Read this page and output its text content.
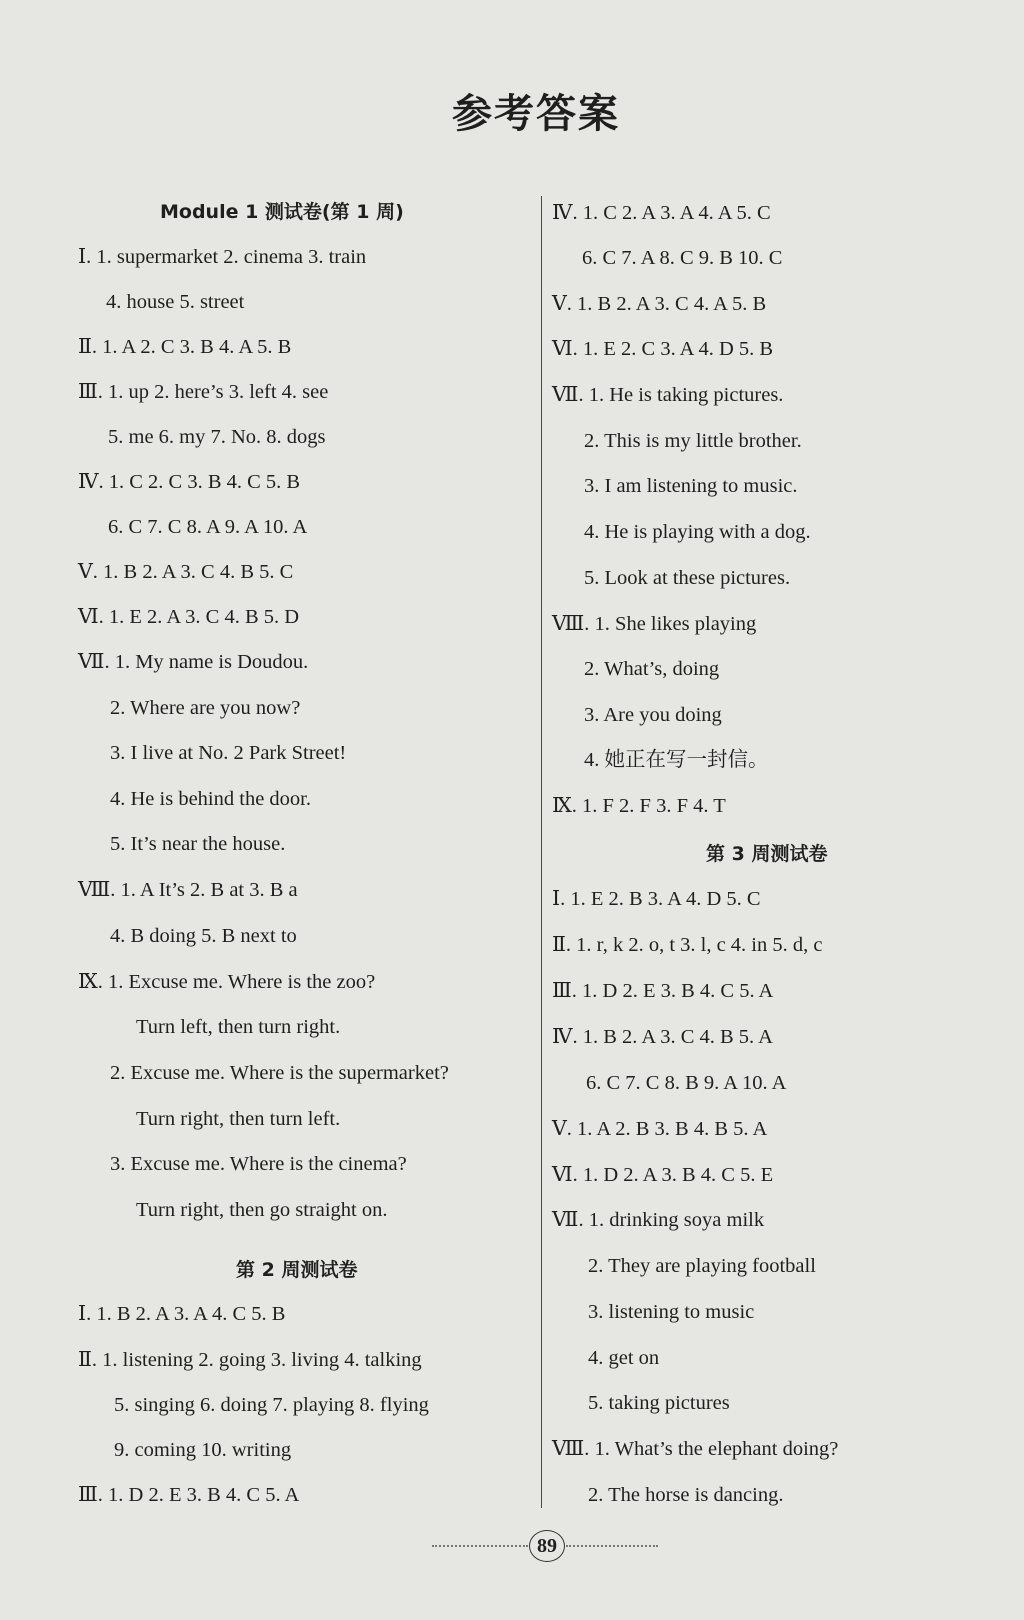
参考答案
Module 1 测试卷(第 1 周)
Ⅰ. 1. supermarket 2. cinema 3. train
4. house 5. street
Ⅱ. 1. A 2. C 3. B 4. A 5. B
Ⅲ. 1. up 2. here’s 3. left 4. see
5. me 6. my 7. No. 8. dogs
Ⅳ. 1. C 2. C 3. B 4. C 5. B
6. C 7. C 8. A 9. A 10. A
Ⅴ. 1. B 2. A 3. C 4. B 5. C
Ⅵ. 1. E 2. A 3. C 4. B 5. D
Ⅶ. 1. My name is Doudou.
2. Where are you now?
3. I live at No. 2 Park Street!
4. He is behind the door.
5. It’s near the house.
Ⅷ. 1. A It’s 2. B at 3. B a
4. B doing 5. B next to
Ⅸ. 1. Excuse me. Where is the zoo?
Turn left, then turn right.
2. Excuse me. Where is the supermarket?
Turn right, then turn left.
3. Excuse me. Where is the cinema?
Turn right, then go straight on.
第 2 周测试卷
Ⅰ. 1. B 2. A 3. A 4. C 5. B
Ⅱ. 1. listening 2. going 3. living 4. talking
5. singing 6. doing 7. playing 8. flying
9. coming 10. writing
Ⅲ. 1. D 2. E 3. B 4. C 5. A
Ⅳ. 1. C 2. A 3. A 4. A 5. C
6. C 7. A 8. C 9. B 10. C
Ⅴ. 1. B 2. A 3. C 4. A 5. B
Ⅵ. 1. E 2. C 3. A 4. D 5. B
Ⅶ. 1. He is taking pictures.
2. This is my little brother.
3. I am listening to music.
4. He is playing with a dog.
5. Look at these pictures.
Ⅷ. 1. She likes playing
2. What’s, doing
3. Are you doing
4. 她正在写一封信。
Ⅸ. 1. F 2. F 3. F 4. T
第 3 周测试卷
Ⅰ. 1. E 2. B 3. A 4. D 5. C
Ⅱ. 1. r, k 2. o, t 3. l, c 4. in 5. d, c
Ⅲ. 1. D 2. E 3. B 4. C 5. A
Ⅳ. 1. B 2. A 3. C 4. B 5. A
6. C 7. C 8. B 9. A 10. A
Ⅴ. 1. A 2. B 3. B 4. B 5. A
Ⅵ. 1. D 2. A 3. B 4. C 5. E
Ⅶ. 1. drinking soya milk
2. They are playing football
3. listening to music
4. get on
5. taking pictures
Ⅷ. 1. What’s the elephant doing?
2. The horse is dancing.
89
